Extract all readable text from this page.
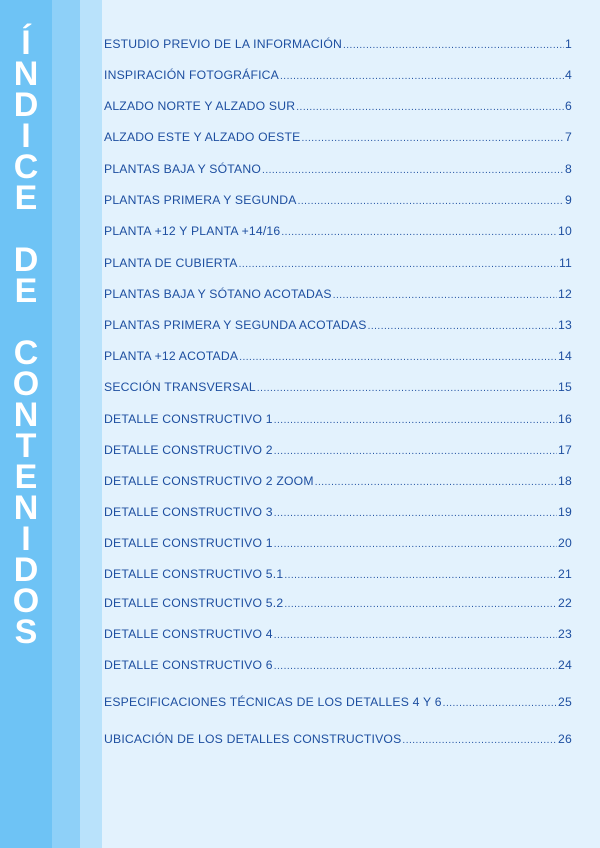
Í
N
D
I
C
E
D
E
C
O
N
T
E
N
I
D
O
S
ESTUDIO PREVIO DE LA INFORMACIÓN .....	1
INSPIRACIÓN FOTOGRÁFICA .....	4
ALZADO NORTE Y ALZADO SUR .....	6
ALZADO ESTE Y ALZADO OESTE .....	7
PLANTAS BAJA Y SÓTANO .....	8
PLANTAS PRIMERA Y SEGUNDA .....	9
PLANTA +12 Y PLANTA +14/16 .....	10
PLANTA DE CUBIERTA .....	11
PLANTAS BAJA Y SÓTANO ACOTADAS .....	12
PLANTAS PRIMERA Y SEGUNDA ACOTADAS .....	13
PLANTA +12 ACOTADA .....	14
SECCIÓN TRANSVERSAL .....	15
DETALLE CONSTRUCTIVO 1 .....	16
DETALLE CONSTRUCTIVO 2 .....	17
DETALLE CONSTRUCTIVO 2 ZOOM .....	18
DETALLE CONSTRUCTIVO 3 .....	19
DETALLE CONSTRUCTIVO 1 .....	20
DETALLE CONSTRUCTIVO 5.1 .....	21
DETALLE CONSTRUCTIVO 5.2 .....	22
DETALLE CONSTRUCTIVO 4 .....	23
DETALLE CONSTRUCTIVO 6 .....	24
ESPECIFICACIONES TÉCNICAS DE LOS DETALLES 4 Y 6 .....	25
UBICACIÓN DE LOS DETALLES CONSTRUCTIVOS .....	26
